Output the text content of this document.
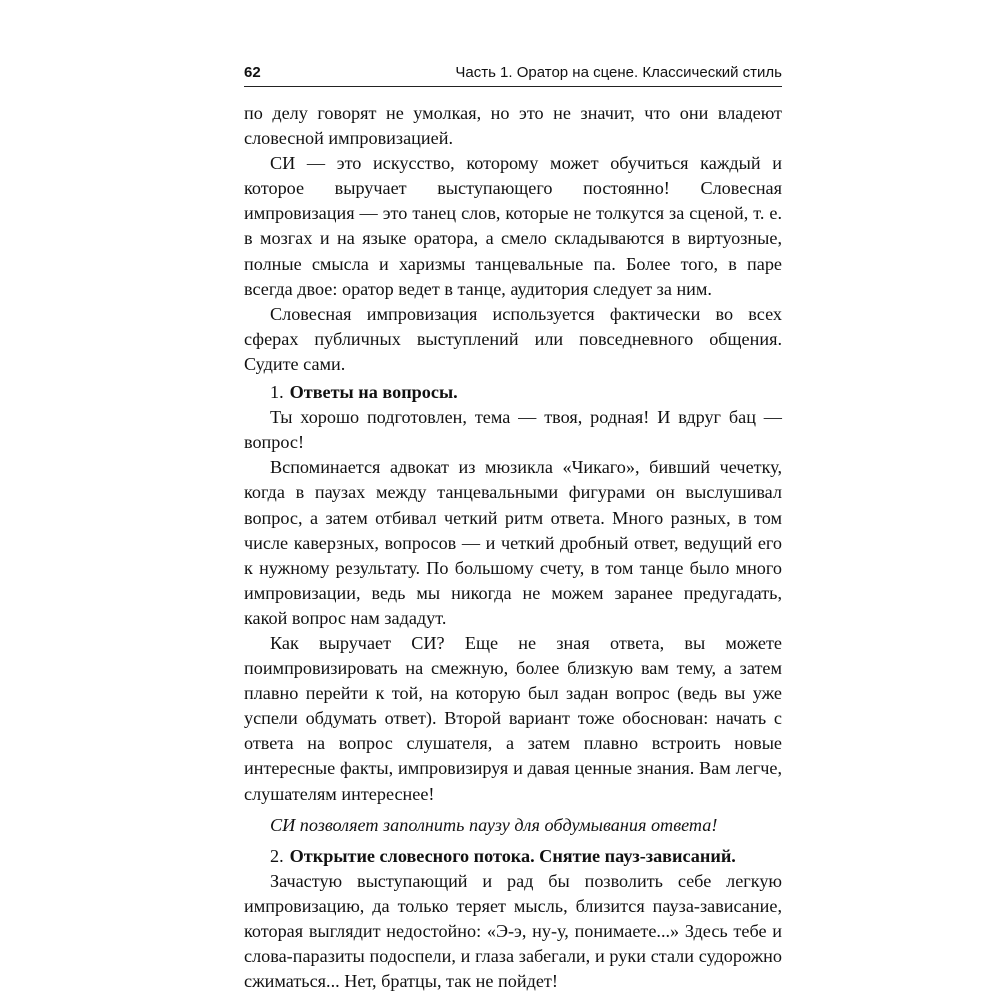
62	Часть 1. Оратор на сцене. Классический стиль

по делу говорят не умолкая, но это не значит, что они владеют словесной импровизацией.

СИ — это искусство, которому может обучиться каждый и которое выручает выступающего постоянно! Словесная импровизация — это танец слов, которые не толкутся за сценой, т. е. в мозгах и на языке оратора, а смело складываются в виртуозные, полные смысла и харизмы танцевальные па. Более того, в паре всегда двое: оратор ведет в танце, аудитория следует за ним.

Словесная импровизация используется фактически во всех сферах публичных выступлений или повседневного общения. Судите сами.

1. Ответы на вопросы.

Ты хорошо подготовлен, тема — твоя, родная! И вдруг бац — вопрос!

Вспоминается адвокат из мюзикла «Чикаго», бивший чечетку, когда в паузах между танцевальными фигурами он выслушивал вопрос, а затем отбивал четкий ритм ответа. Много разных, в том числе каверзных, вопросов — и четкий дробный ответ, ведущий его к нужному результату. По большому счету, в том танце было много импровизации, ведь мы никогда не можем заранее предугадать, какой вопрос нам зададут.

Как выручает СИ? Еще не зная ответа, вы можете поимпровизировать на смежную, более близкую вам тему, а затем плавно перейти к той, на которую был задан вопрос (ведь вы уже успели обдумать ответ). Второй вариант тоже обоснован: начать с ответа на вопрос слушателя, а затем плавно встроить новые интересные факты, импровизируя и давая ценные знания. Вам легче, слушателям интереснее!

СИ позволяет заполнить паузу для обдумывания ответа!

2. Открытие словесного потока. Снятие пауз-зависаний.

Зачастую выступающий и рад бы позволить себе легкую импровизацию, да только теряет мысль, близится пауза-зависание, которая выглядит недостойно: «Э-э, ну-у, понимаете...» Здесь тебе и слова-паразиты подоспели, и глаза забегали, и руки стали судорожно сжиматься... Нет, братцы, так не пойдет!
